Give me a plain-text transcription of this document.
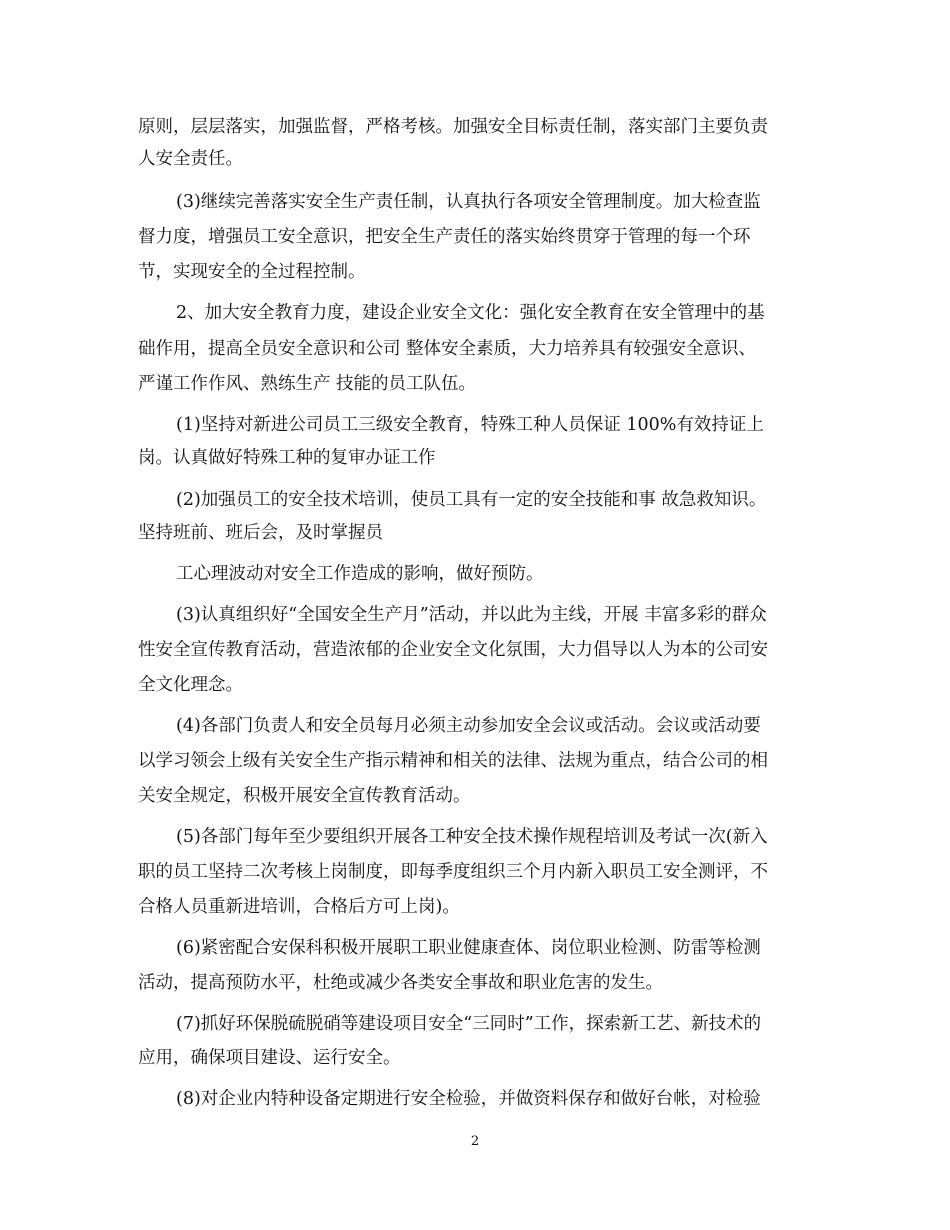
原则，层层落实，加强监督，严格考核。加强安全目标责任制，落实部门主要负责
人安全责任。
(3)继续完善落实安全生产责任制，认真执行各项安全管理制度。加大检查监
督力度，增强员工安全意识，把安全生产责任的落实始终贯穿于管理的每一个环
节，实现安全的全过程控制。
2、加大安全教育力度，建设企业安全文化：强化安全教育在安全管理中的基
础作用，提高全员安全意识和公司 整体安全素质，大力培养具有较强安全意识、
严谨工作作风、熟练生产 技能的员工队伍。
(1)坚持对新进公司员工三级安全教育，特殊工种人员保证 100%有效持证上
岗。认真做好特殊工种的复审办证工作
(2)加强员工的安全技术培训，使员工具有一定的安全技能和事 故急救知识。
坚持班前、班后会，及时掌握员
工心理波动对安全工作造成的影响，做好预防。
(3)认真组织好“全国安全生产月”活动，并以此为主线，开展 丰富多彩的群众
性安全宣传教育活动，营造浓郁的企业安全文化氛围，大力倡导以人为本的公司安
全文化理念。
(4)各部门负责人和安全员每月必须主动参加安全会议或活动。会议或活动要
以学习领会上级有关安全生产指示精神和相关的法律、法规为重点，结合公司的相
关安全规定，积极开展安全宣传教育活动。
(5)各部门每年至少要组织开展各工种安全技术操作规程培训及考试一次(新入
职的员工坚持二次考核上岗制度，即每季度组织三个月内新入职员工安全测评，不
合格人员重新进培训，合格后方可上岗)。
(6)紧密配合安保科积极开展职工职业健康查体、岗位职业检测、防雷等检测
活动，提高预防水平，杜绝或减少各类安全事故和职业危害的发生。
(7)抓好环保脱硫脱硝等建设项目安全“三同时”工作，探索新工艺、新技术的
应用，确保项目建设、运行安全。
(8)对企业内特种设备定期进行安全检验，并做资料保存和做好台帐，对检验
2
